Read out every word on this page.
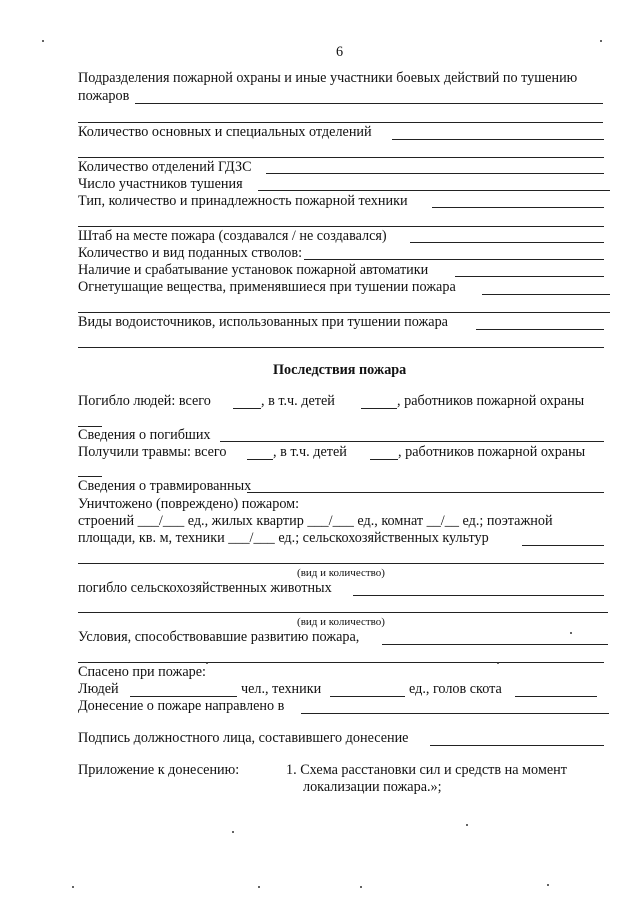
6
Подразделения пожарной охраны и иные участники боевых действий по тушению
пожаров
Количество основных и специальных отделений
Количество отделений ГДЗС
Число участников тушения
Тип, количество и принадлежность пожарной техники
Штаб на месте пожара (создавался / не создавался)
Количество и вид поданных стволов:
Наличие и срабатывание установок пожарной автоматики
Огнетушащие вещества, применявшиеся при тушении пожара
Виды водоисточников, использованных при тушении пожара
Последствия пожара
Погибло людей: всего	, в т.ч. детей	, работников пожарной охраны
Сведения о погибших
Получили травмы: всего	, в т.ч. детей	, работников пожарной охраны
Сведения о травмированных
Уничтожено (повреждено) пожаром:
строений ___/___ ед., жилых квартир ___/___ ед., комнат __/__ ед.; поэтажной
площади, кв. м, техники ___/___ ед.; сельскохозяйственных культур
(вид и количество)
погибло сельскохозяйственных животных
(вид и количество)
Условия, способствовавшие развитию пожара,
Спасено при пожаре:
Людей	чел., техники	ед., голов скота
Донесение о пожаре направлено в
Подпись должностного лица, составившего донесение
Приложение к донесению:	1. Схема расстановки сил и средств на момент
локализации пожара.»;
